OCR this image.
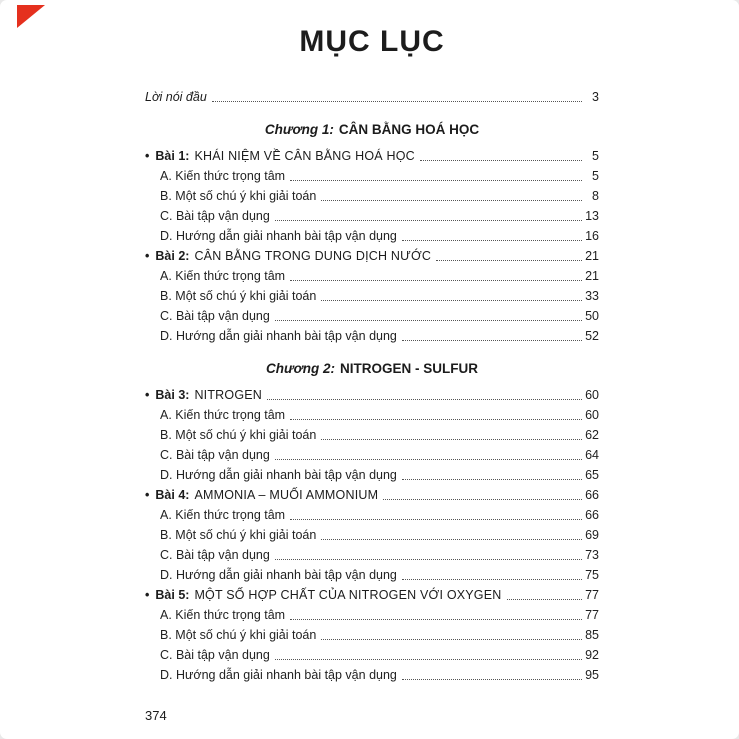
MỤC LỤC
Lời nói đầu	3
Chương 1: CÂN BẰNG HOÁ HỌC
• Bài 1: KHÁI NIỆM VỀ CÂN BẰNG HOÁ HỌC	5
A. Kiến thức trọng tâm	5
B. Một số chú ý khi giải toán	8
C. Bài tập vận dụng	13
D. Hướng dẫn giải nhanh bài tập vận dụng	16
• Bài 2: CÂN BẰNG TRONG DUNG DỊCH NƯỚC	21
A. Kiến thức trọng tâm	21
B. Một số chú ý khi giải toán	33
C. Bài tập vận dụng	50
D. Hướng dẫn giải nhanh bài tập vận dụng	52
Chương 2: NITROGEN - SULFUR
• Bài 3: NITROGEN	60
A. Kiến thức trọng tâm	60
B. Một số chú ý khi giải toán	62
C. Bài tập vận dụng	64
D. Hướng dẫn giải nhanh bài tập vận dụng	65
• Bài 4: AMMONIA – MUỐI AMMONIUM	66
A. Kiến thức trọng tâm	66
B. Một số chú ý khi giải toán	69
C. Bài tập vận dụng	73
D. Hướng dẫn giải nhanh bài tập vận dụng	75
• Bài 5: MỘT SỐ HỢP CHẤT CỦA NITROGEN VỚI OXYGEN	77
A. Kiến thức trọng tâm	77
B. Một số chú ý khi giải toán	85
C. Bài tập vận dụng	92
D. Hướng dẫn giải nhanh bài tập vận dụng	95
374
